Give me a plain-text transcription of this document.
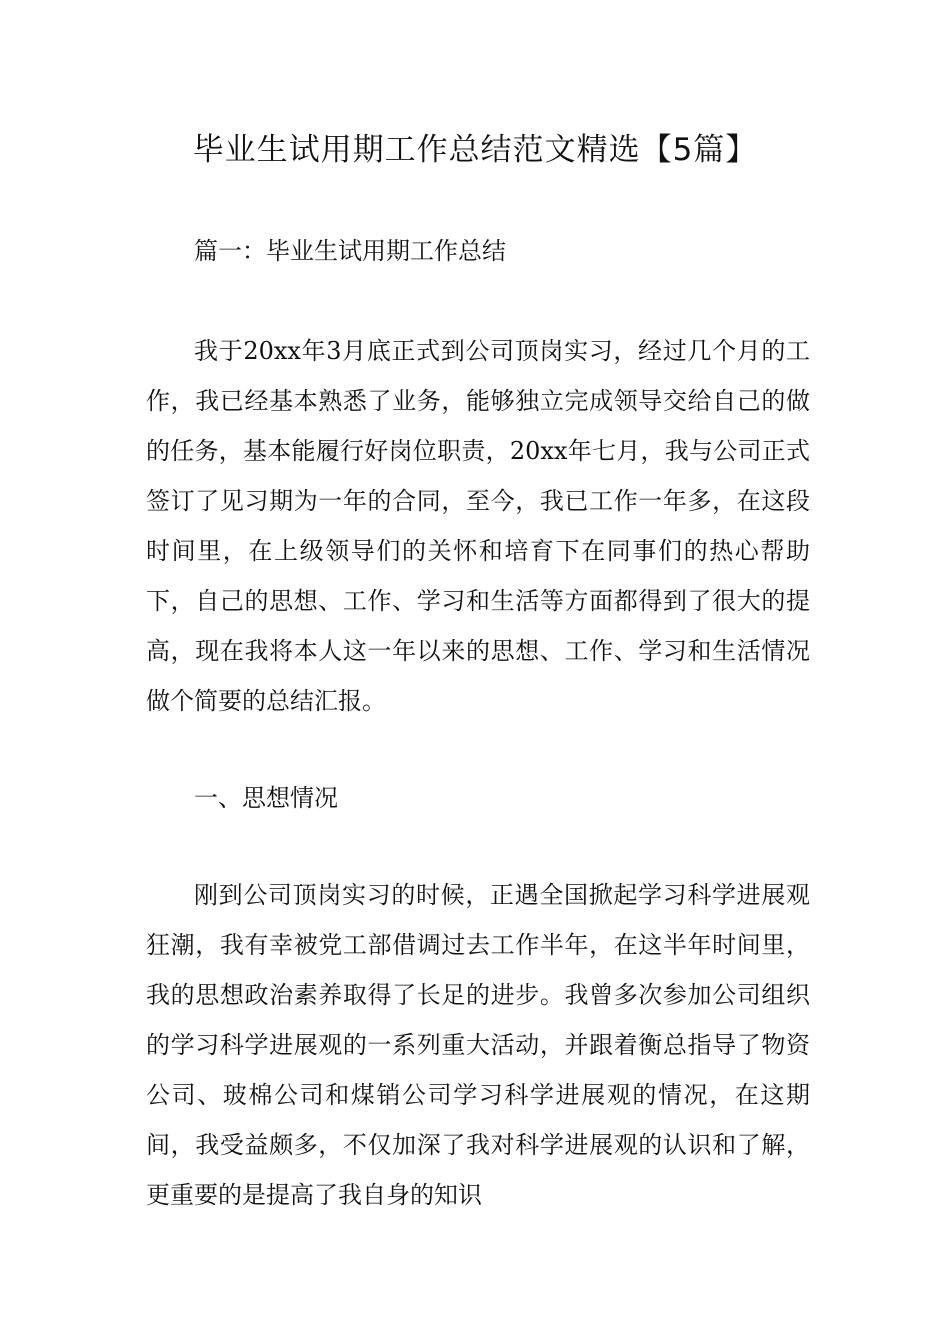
毕业生试用期工作总结范文精选【5篇】

篇一：毕业生试用期工作总结

我于20xx年3月底正式到公司顶岗实习，经过几个月的工作，我已经基本熟悉了业务，能够独立完成领导交给自己的做的任务，基本能履行好岗位职责，20xx年七月，我与公司正式签订了见习期为一年的合同，至今，我已工作一年多，在这段时间里，在上级领导们的关怀和培育下在同事们的热心帮助下，自己的思想、工作、学习和生活等方面都得到了很大的提高，现在我将本人这一年以来的思想、工作、学习和生活情况做个简要的总结汇报。

一、思想情况

刚到公司顶岗实习的时候，正遇全国掀起学习科学进展观狂潮，我有幸被党工部借调过去工作半年，在这半年时间里，我的思想政治素养取得了长足的进步。我曾多次参加公司组织的学习科学进展观的一系列重大活动，并跟着衡总指导了物资公司、玻棉公司和煤销公司学习科学进展观的情况，在这期间，我受益颇多，不仅加深了我对科学进展观的认识和了解，更重要的是提高了我自身的知识
